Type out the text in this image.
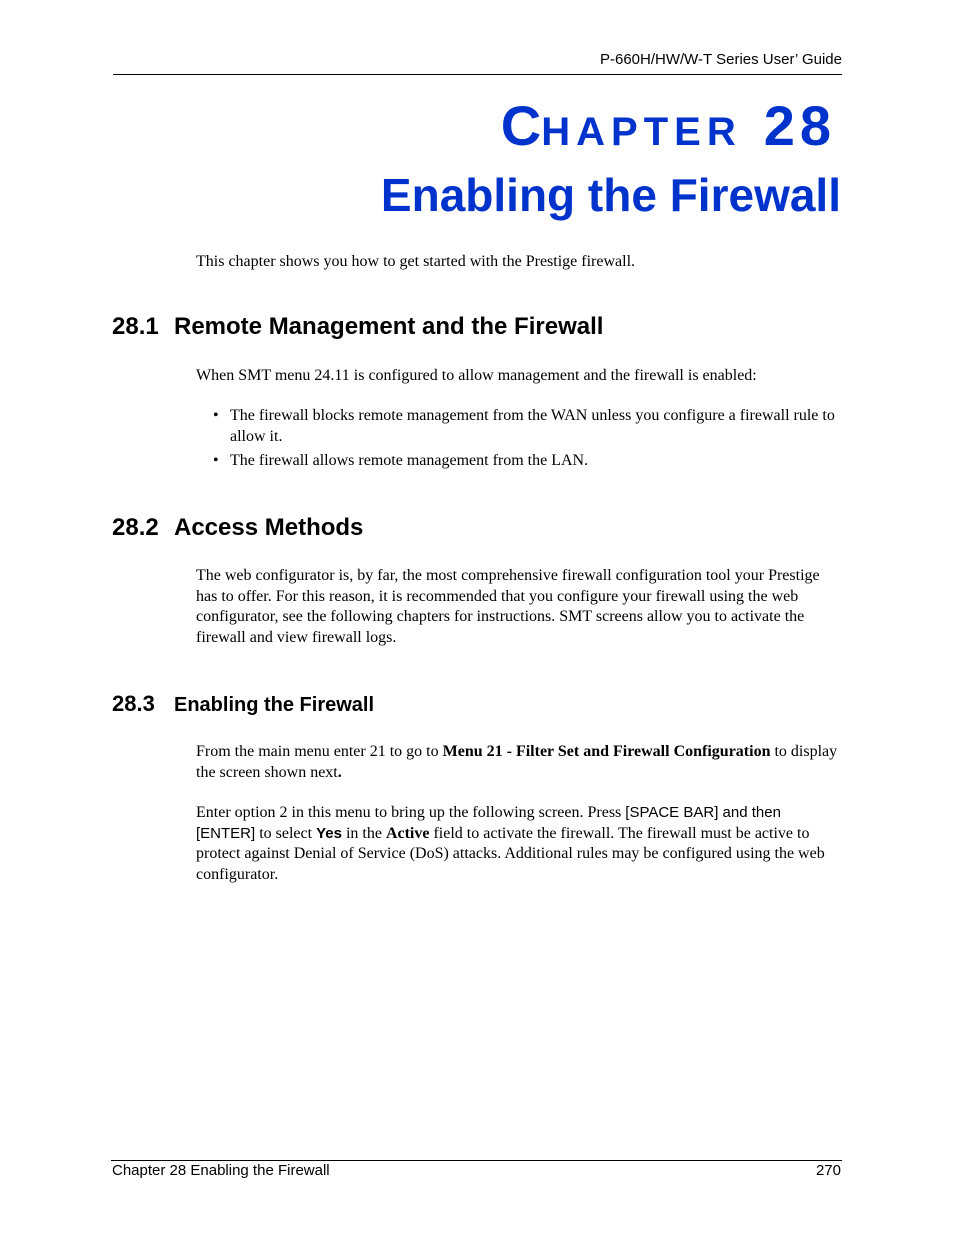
P-660H/HW/W-T Series User’ Guide
CHAPTER 28
Enabling the Firewall
This chapter shows you how to get started with the Prestige firewall.
28.1 Remote Management and the Firewall
When SMT menu 24.11 is configured to allow management and the firewall is enabled:
• The firewall blocks remote management from the WAN unless you configure a firewall rule to allow it.
• The firewall allows remote management from the LAN.
28.2 Access Methods
The web configurator is, by far, the most comprehensive firewall configuration tool your Prestige has to offer. For this reason, it is recommended that you configure your firewall using the web configurator, see the following chapters for instructions. SMT screens allow you to activate the firewall and view firewall logs.
28.3 Enabling the Firewall
From the main menu enter 21 to go to Menu 21 - Filter Set and Firewall Configuration to display the screen shown next.
Enter option 2 in this menu to bring up the following screen. Press [SPACE BAR] and then [ENTER] to select Yes in the Active field to activate the firewall. The firewall must be active to protect against Denial of Service (DoS) attacks. Additional rules may be configured using the web configurator.
Chapter 28 Enabling the Firewall	270
